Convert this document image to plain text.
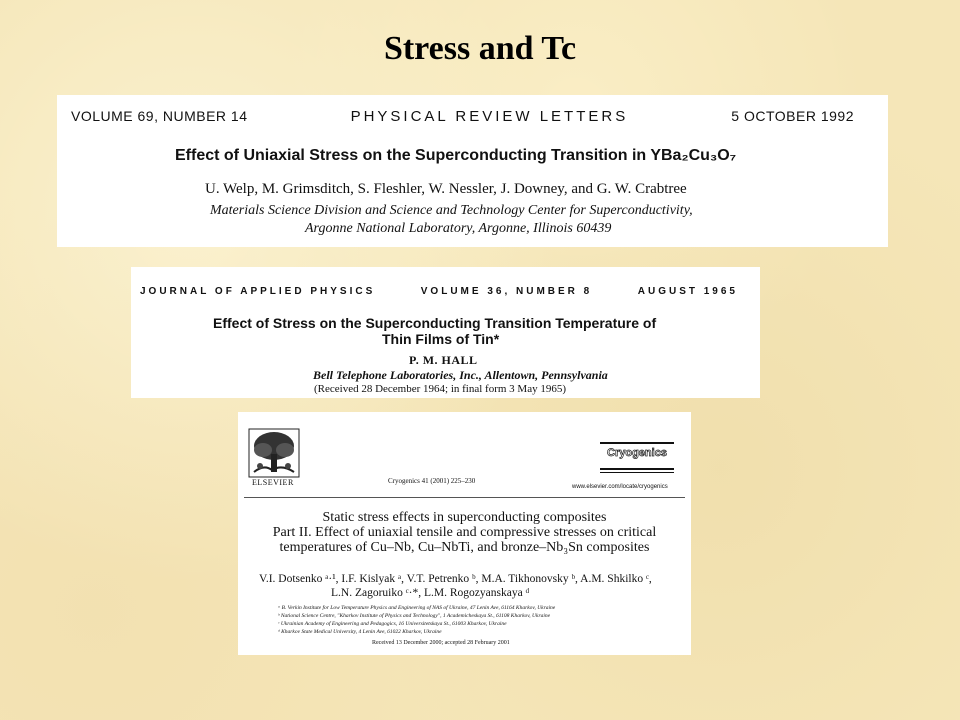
Stress and Tc
VOLUME 69, NUMBER 14	PHYSICAL REVIEW LETTERS	5 OCTOBER 1992
Effect of Uniaxial Stress on the Superconducting Transition in YBa₂Cu₃O₇
U. Welp, M. Grimsditch, S. Fleshler, W. Nessler, J. Downey, and G. W. Crabtree
Materials Science Division and Science and Technology Center for Superconductivity,
Argonne National Laboratory, Argonne, Illinois 60439
JOURNAL OF APPLIED PHYSICS	VOLUME 36, NUMBER 8	AUGUST 1965
Effect of Stress on the Superconducting Transition Temperature of
Thin Films of Tin*
P. M. HALL
Bell Telephone Laboratories, Inc., Allentown, Pennsylvania
(Received 28 December 1964; in final form 3 May 1965)
ELSEVIER	Cryogenics 41 (2001) 225–230
Cryogenics
www.elsevier.com/locate/cryogenics
Static stress effects in superconducting composites
Part II. Effect of uniaxial tensile and compressive stresses on critical
temperatures of Cu–Nb, Cu–NbTi, and bronze–Nb₃Sn composites
V.I. Dotsenko ᵃ·¹, I.F. Kislyak ᵃ, V.T. Petrenko ᵇ, M.A. Tikhonovsky ᵇ, A.M. Shkilko ᶜ,
L.N. Zagoruiko ᶜ·*, L.M. Rogozyanskaya ᵈ
ᵃ B. Verkin Institute for Low Temperature Physics and Engineering of NAS of Ukraine, 47 Lenin Ave, 61164 Kharkov, Ukraine
ᵇ National Science Centre, "Kharkov Institute of Physics and Technology", 1 Academicheskaya St., 61108 Kharkov, Ukraine
ᶜ Ukrainian Academy of Engineering and Pedagogics, 16 Universitetskaya St., 61003 Kharkov, Ukraine
ᵈ Kharkov State Medical University, 4 Lenin Ave, 61022 Kharkov, Ukraine
Received 13 December 2000; accepted 28 February 2001
